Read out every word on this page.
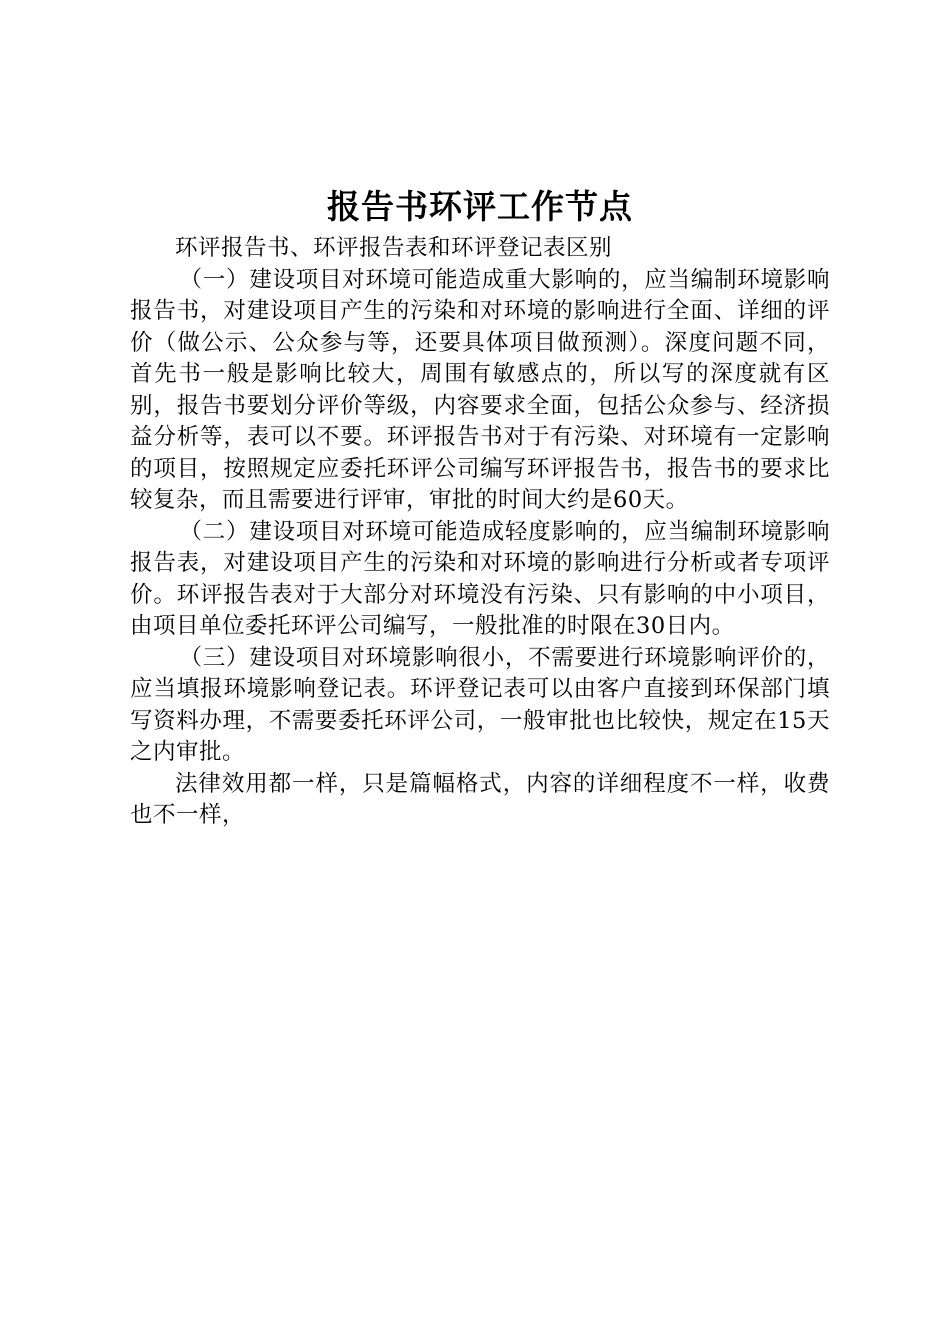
报告书环评工作节点

环评报告书、环评报告表和环评登记表区别

（一）建设项目对环境可能造成重大影响的，应当编制环境影响报告书，对建设项目产生的污染和对环境的影响进行全面、详细的评价（做公示、公众参与等，还要具体项目做预测）。深度问题不同，首先书一般是影响比较大，周围有敏感点的，所以写的深度就有区别，报告书要划分评价等级，内容要求全面，包括公众参与、经济损益分析等，表可以不要。环评报告书对于有污染、对环境有一定影响的项目，按照规定应委托环评公司编写环评报告书，报告书的要求比较复杂，而且需要进行评审，审批的时间大约是60天。

（二）建设项目对环境可能造成轻度影响的，应当编制环境影响报告表，对建设项目产生的污染和对环境的影响进行分析或者专项评价。环评报告表对于大部分对环境没有污染、只有影响的中小项目，由项目单位委托环评公司编写，一般批准的时限在30日内。

（三）建设项目对环境影响很小，不需要进行环境影响评价的，应当填报环境影响登记表。环评登记表可以由客户直接到环保部门填写资料办理，不需要委托环评公司，一般审批也比较快，规定在15天之内审批。

法律效用都一样，只是篇幅格式，内容的详细程度不一样，收费也不一样，
